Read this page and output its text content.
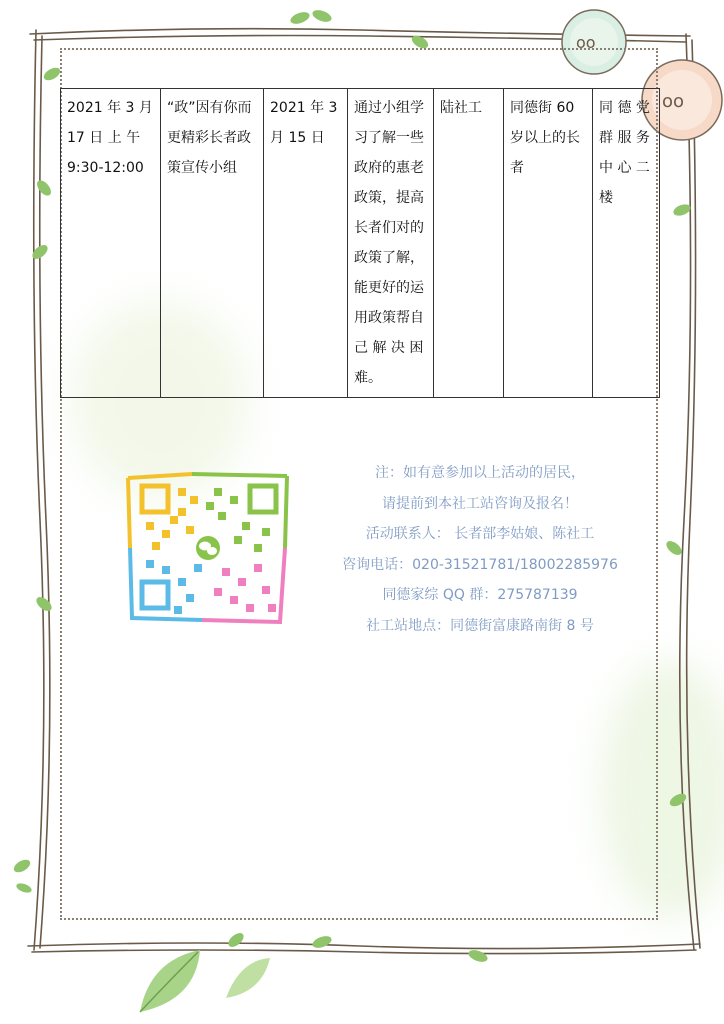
oo
oo
2021 年 3 月 17 日 上 午 9:30-12:00	“政”因有你而更精彩长者政策宣传小组	2021 年 3 月 15 日	通过小组学习了解一些政府的惠老政策，提高长者们对的政策了解，能更好的运用政策帮自己 解 决 困难。	陆社工	同德街 60 岁以上的长者	同 德 党 群 服 务 中 心 二 楼
注：如有意参加以上活动的居民，
请提前到本社工站咨询及报名！
活动联系人： 长者部李姑娘、陈社工
咨询电话：020-31521781/18002285976
同德家综 QQ 群：275787139
社工站地点：同德街富康路南街 8 号
